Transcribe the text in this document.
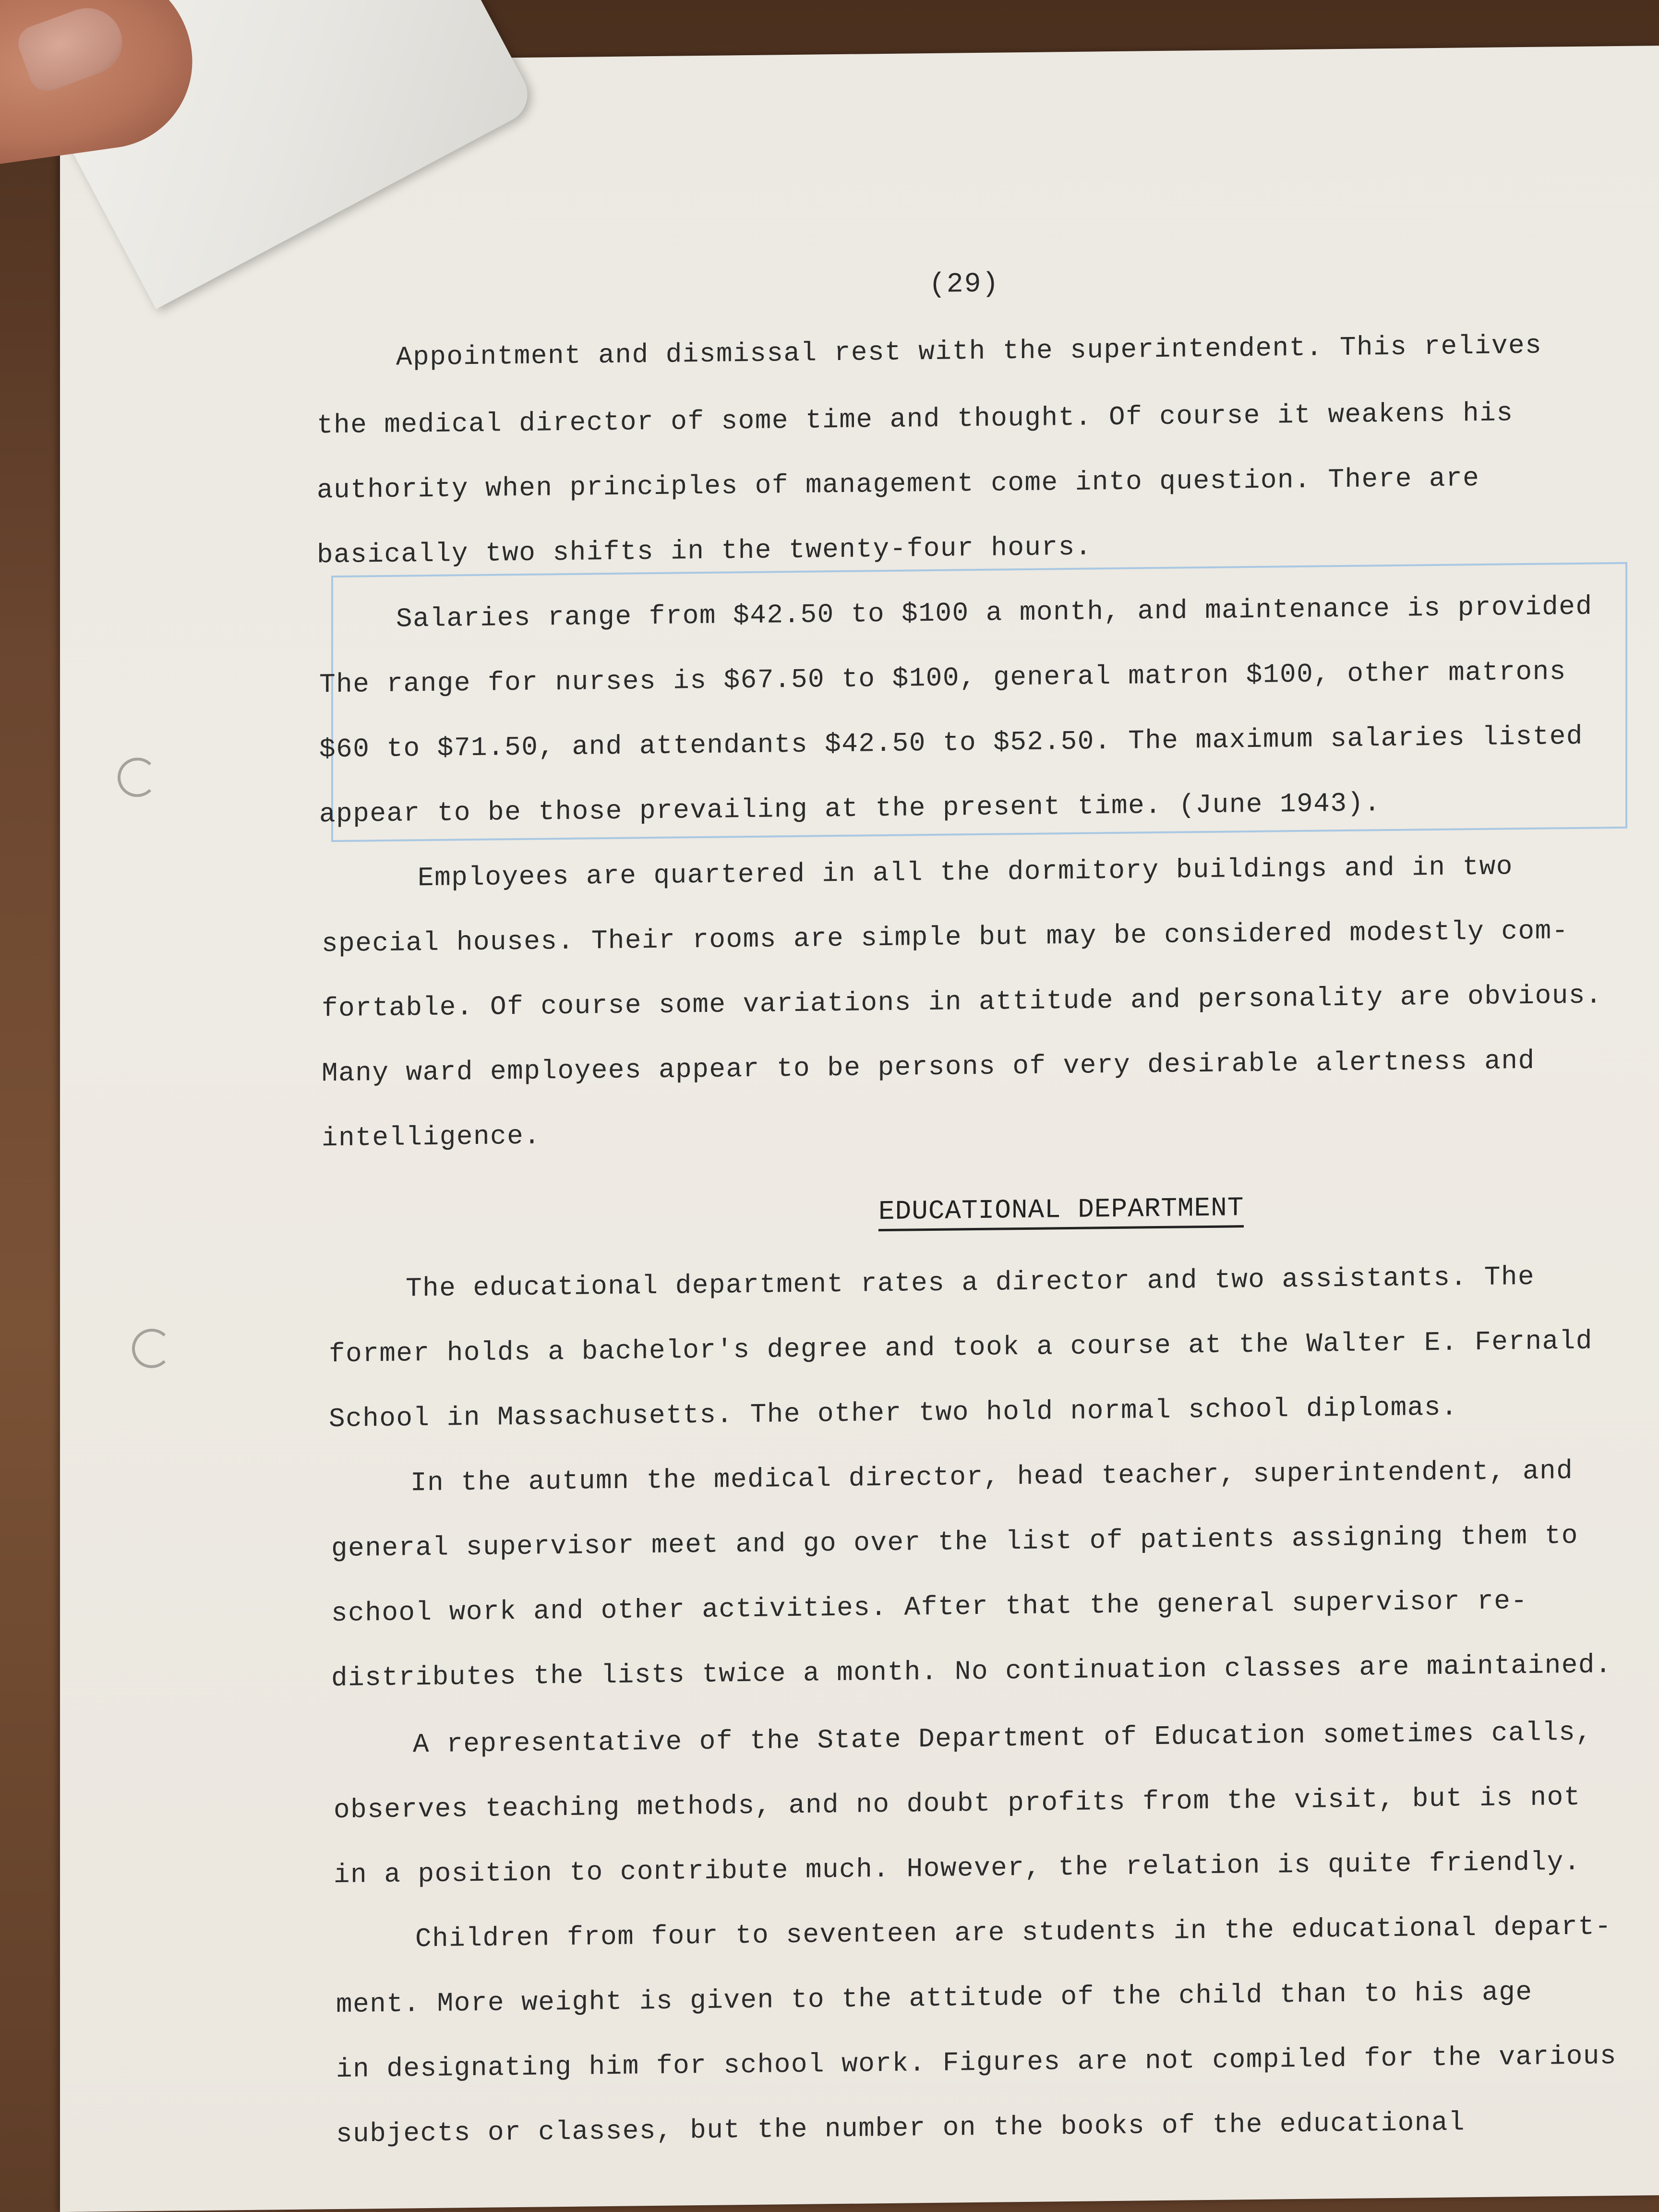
(29)
Appointment and dismissal rest with the superintendent. This relives
the medical director of some time and thought. Of course it weakens his
authority when principles of management come into question. There are
basically two shifts in the twenty-four hours.
Salaries range from $42.50 to $100 a month, and maintenance is provided
The range for nurses is $67.50 to $100, general matron $100, other matrons
$60 to $71.50, and attendants $42.50 to $52.50. The maximum salaries listed
appear to be those prevailing at the present time. (June 1943).
Employees are quartered in all the dormitory buildings and in two
special houses. Their rooms are simple but may be considered modestly com-
fortable. Of course some variations in attitude and personality are obvious.
Many ward employees appear to be persons of very desirable alertness and
intelligence.
EDUCATIONAL DEPARTMENT
The educational department rates a director and two assistants. The
former holds a bachelor's degree and took a course at the Walter E. Fernald
School in Massachusetts. The other two hold normal school diplomas.
In the autumn the medical director, head teacher, superintendent, and
general supervisor meet and go over the list of patients assigning them to
school work and other activities. After that the general supervisor re-
distributes the lists twice a month. No continuation classes are maintained.
A representative of the State Department of Education sometimes calls,
observes teaching methods, and no doubt profits from the visit, but is not
in a position to contribute much. However, the relation is quite friendly.
Children from four to seventeen are students in the educational depart-
ment. More weight is given to the attitude of the child than to his age
in designating him for school work. Figures are not compiled for the various
subjects or classes, but the number on the books of the educational
